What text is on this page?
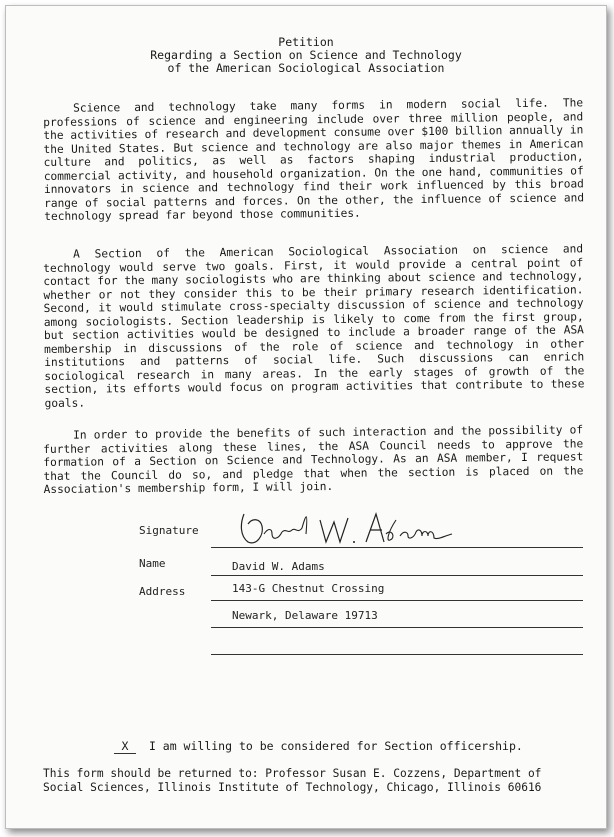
Petition
Regarding a Section on Science and Technology
of the American Sociological Association

Science and technology take many forms in modern social life. The professions of science and engineering include over three million people, and the activities of research and development consume over $100 billion annually in the United States. But science and technology are also major themes in American culture and politics, as well as factors shaping industrial production, commercial activity, and household organization. On the one hand, communities of innovators in science and technology find their work influenced by this broad range of social patterns and forces. On the other, the influence of science and technology spread far beyond those communities.

A Section of the American Sociological Association on science and technology would serve two goals. First, it would provide a central point of contact for the many sociologists who are thinking about science and technology, whether or not they consider this to be their primary research identification. Second, it would stimulate cross-specialty discussion of science and technology among sociologists. Section leadership is likely to come from the first group, but section activities would be designed to include a broader range of the ASA membership in discussions of the role of science and technology in other institutions and patterns of social life. Such discussions can enrich sociological research in many areas. In the early stages of growth of the section, its efforts would focus on program activities that contribute to these goals.

In order to provide the benefits of such interaction and the possibility of further activities along these lines, the ASA Council needs to approve the formation of a Section on Science and Technology. As an ASA member, I request that the Council do so, and pledge that when the section is placed on the Association's membership form, I will join.

Signature
Name	David W. Adams
Address	143-G Chestnut Crossing
Newark, Delaware 19713
X I am willing to be considered for Section officership.
This form should be returned to: Professor Susan E. Cozzens, Department of Social Sciences, Illinois Institute of Technology, Chicago, Illinois 60616
